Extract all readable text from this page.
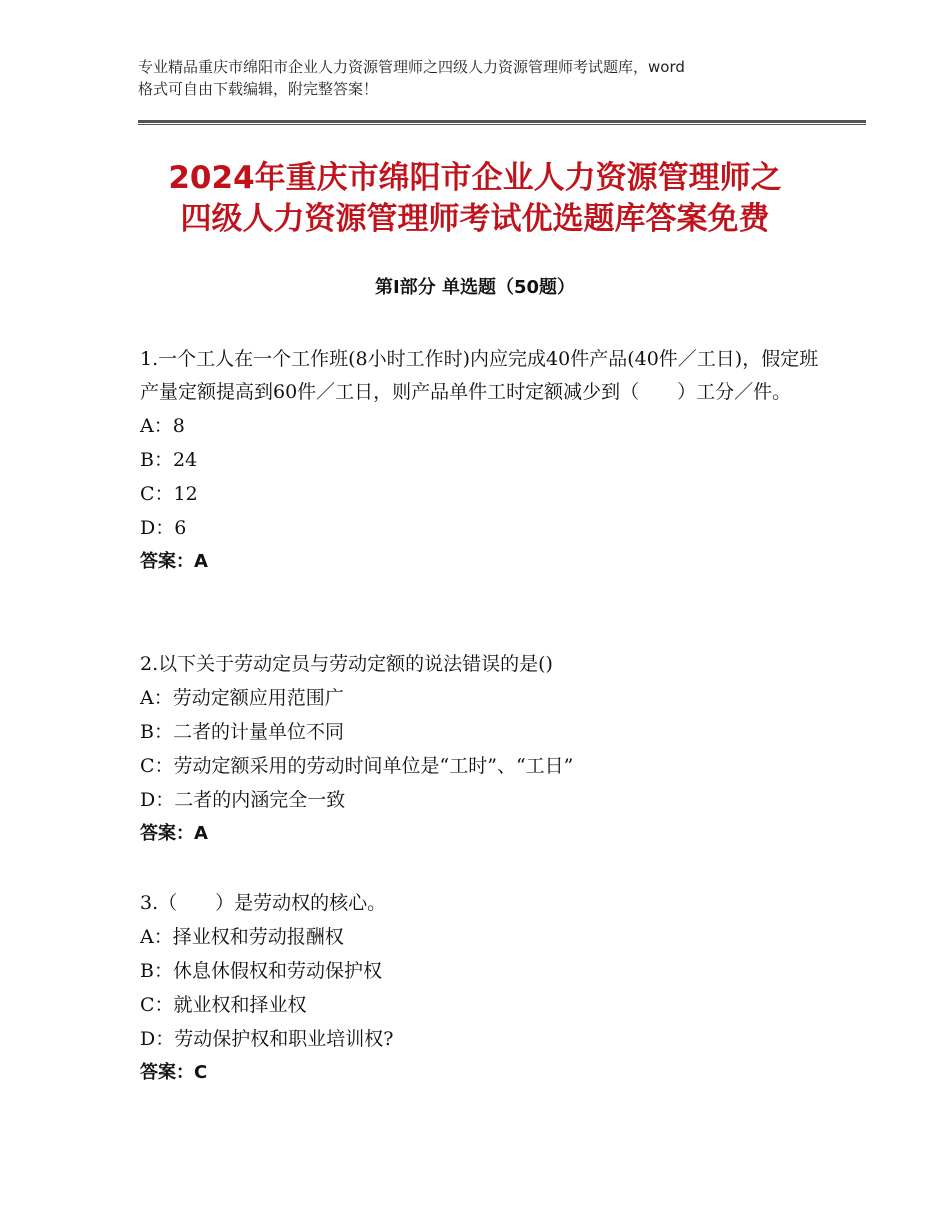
专业精品重庆市绵阳市企业人力资源管理师之四级人力资源管理师考试题库，word
格式可自由下载编辑，附完整答案！
2024年重庆市绵阳市企业人力资源管理师之
四级人力资源管理师考试优选题库答案免费
第Ⅰ部分 单选题（50题）

1.一个工人在一个工作班(8小时工作时)内应完成40件产品(40件／工日)，假定班产量定额提高到60件／工日，则产品单件工时定额减少到（　　）工分／件。

A：8

B：24

C：12

D：6

答案：A

2.以下关于劳动定员与劳动定额的说法错误的是()

A：劳动定额应用范围广

B：二者的计量单位不同

C：劳动定额采用的劳动时间单位是“工时”、“工日”

D：二者的内涵完全一致

答案：A

3.（　　）是劳动权的核心。

A：择业权和劳动报酬权

B：休息休假权和劳动保护权

C：就业权和择业权

D：劳动保护权和职业培训权?

答案：C
